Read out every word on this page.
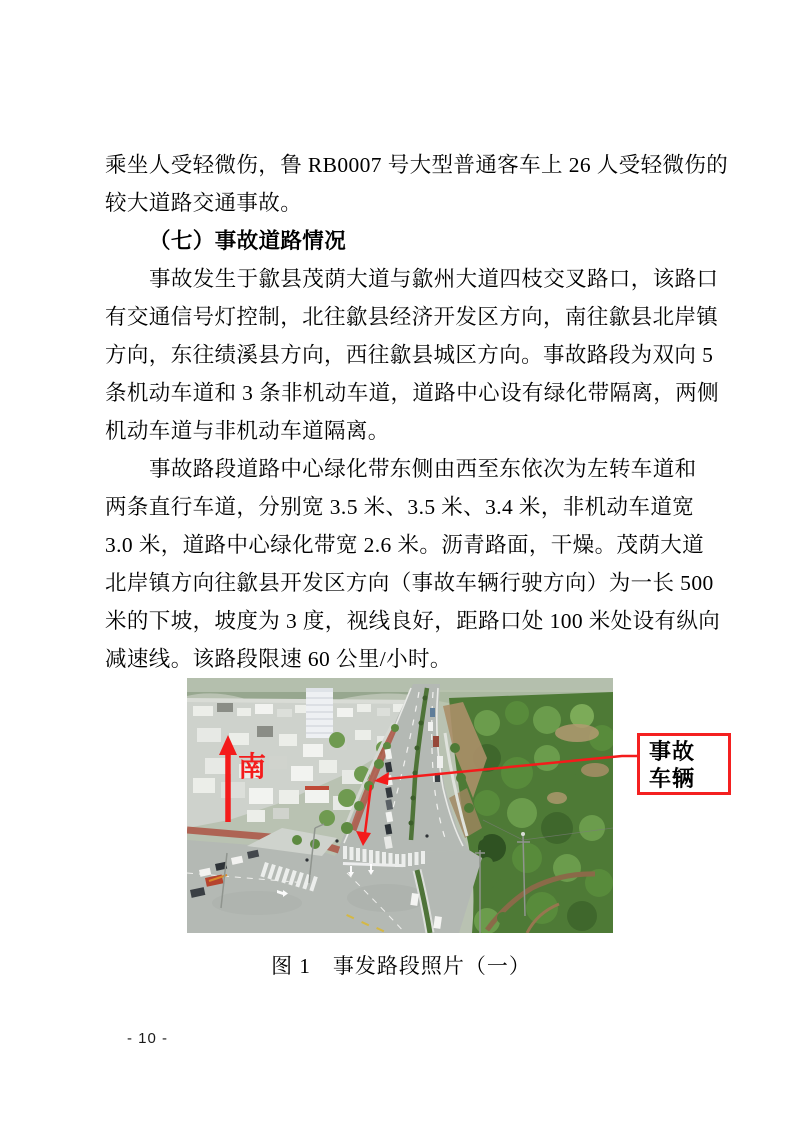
乘坐人受轻微伤，鲁 RB0007 号大型普通客车上 26 人受轻微伤的
较大道路交通事故。
（七）事故道路情况
事故发生于歙县茂荫大道与歙州大道四枝交叉路口，该路口
有交通信号灯控制，北往歙县经济开发区方向，南往歙县北岸镇
方向，东往绩溪县方向，西往歙县城区方向。事故路段为双向 5
条机动车道和 3 条非机动车道，道路中心设有绿化带隔离，两侧
机动车道与非机动车道隔离。
事故路段道路中心绿化带东侧由西至东依次为左转车道和
两条直行车道，分别宽 3.5 米、3.5 米、3.4 米，非机动车道宽
3.0 米，道路中心绿化带宽 2.6 米。沥青路面，干燥。茂荫大道
北岸镇方向往歙县开发区方向（事故车辆行驶方向）为一长 500
米的下坡，坡度为 3 度，视线良好，距路口处 100 米处设有纵向
减速线。该路段限速 60 公里/小时。
南	事故
车辆
图 1　事发路段照片（一）
- 10 -
